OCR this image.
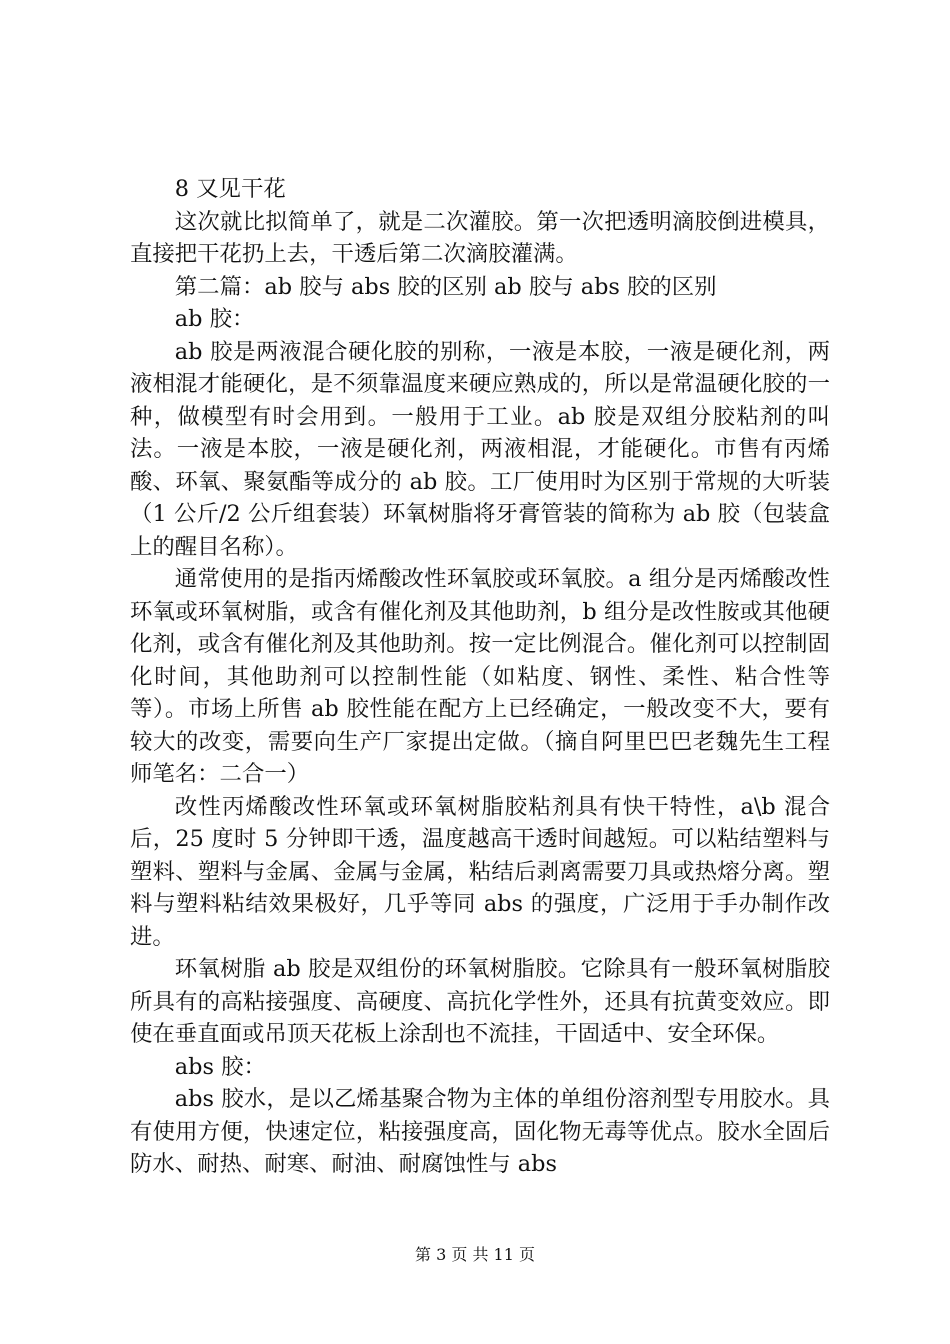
8 又见干花

这次就比拟简单了，就是二次灌胶。第一次把透明滴胶倒进模具，直接把干花扔上去，干透后第二次滴胶灌满。

第二篇：ab 胶与 abs 胶的区别 ab 胶与 abs 胶的区别

ab 胶：

ab 胶是两液混合硬化胶的别称，一液是本胶，一液是硬化剂，两液相混才能硬化，是不须靠温度来硬应熟成的，所以是常温硬化胶的一种，做模型有时会用到。一般用于工业。ab 胶是双组分胶粘剂的叫法。一液是本胶，一液是硬化剂，两液相混，才能硬化。市售有丙烯酸、环氧、聚氨酯等成分的 ab 胶。工厂使用时为区别于常规的大听装（1 公斤/2 公斤组套装）环氧树脂将牙膏管装的简称为 ab 胶（包装盒上的醒目名称）。

通常使用的是指丙烯酸改性环氧胶或环氧胶。a 组分是丙烯酸改性环氧或环氧树脂，或含有催化剂及其他助剂，b 组分是改性胺或其他硬化剂，或含有催化剂及其他助剂。按一定比例混合。催化剂可以控制固化时间，其他助剂可以控制性能（如粘度、钢性、柔性、粘合性等等）。市场上所售 ab 胶性能在配方上已经确定，一般改变不大，要有较大的改变，需要向生产厂家提出定做。（摘自阿里巴巴老魏先生工程师笔名：二合一）

改性丙烯酸改性环氧或环氧树脂胶粘剂具有快干特性，a\b 混合后，25 度时 5 分钟即干透，温度越高干透时间越短。可以粘结塑料与塑料、塑料与金属、金属与金属，粘结后剥离需要刀具或热熔分离。塑料与塑料粘结效果极好，几乎等同 abs 的强度，广泛用于手办制作改进。

环氧树脂 ab 胶是双组份的环氧树脂胶。它除具有一般环氧树脂胶所具有的高粘接强度、高硬度、高抗化学性外，还具有抗黄变效应。即使在垂直面或吊顶天花板上涂刮也不流挂，干固适中、安全环保。

abs 胶：

abs 胶水，是以乙烯基聚合物为主体的单组份溶剂型专用胶水。具有使用方便，快速定位，粘接强度高，固化物无毒等优点。胶水全固后防水、耐热、耐寒、耐油、耐腐蚀性与 abs

第 3 页 共 11 页
